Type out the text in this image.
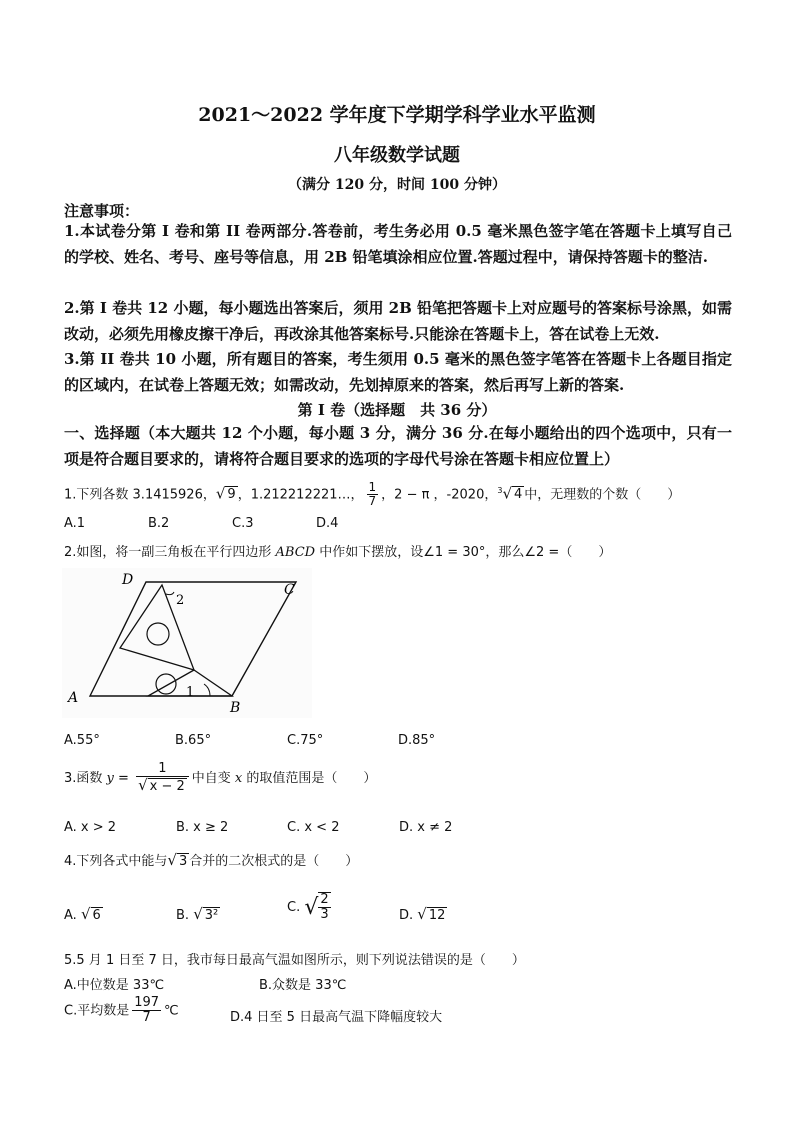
2021～2022 学年度下学期学科学业水平监测
八年级数学试题
（满分 120 分，时间 100 分钟）
注意事项：
1.本试卷分第 I 卷和第 II 卷两部分.答卷前，考生务必用 0.5 毫米黑色签字笔在答题卡上填写自己的学校、姓名、考号、座号等信息，用 2B 铅笔填涂相应位置.答题过程中，请保持答题卡的整洁.
2.第 I 卷共 12 小题，每小题选出答案后，须用 2B 铅笔把答题卡上对应题号的答案标号涂黑，如需改动，必须先用橡皮擦干净后，再改涂其他答案标号.只能涂在答题卡上，答在试卷上无效.
3.第 II 卷共 10 小题，所有题目的答案，考生须用 0.5 毫米的黑色签字笔答在答题卡上各题目指定的区域内，在试卷上答题无效；如需改动，先划掉原来的答案，然后再写上新的答案.
第 I 卷（选择题　共 36 分）
一、选择题（本大题共 12 个小题，每小题 3 分，满分 36 分.在每小题给出的四个选项中，只有一项是符合题目要求的，请将符合题目要求的选项的字母代号涂在答题卡相应位置上）
1.下列各数 3.1415926，√ 9 ，1.212212221…， $\frac{1}{7}$ ，2 − π ，-2020，$^3$√ 4 中，无理数的个数（　　）
A.1	B.2	C.3	D.4
2.如图，将一副三角板在平行四边形 ABCD 中作如下摆放，设∠1 = 30°，那么∠2 =（　　）
A
B
C
D
1
2
A.55°	B.65°	C.75°	D.85°
3.函数 $y = \frac{1}{√ x - 2}$ 中自变 x 的取值范围是（　　）
A. x > 2	B. x ≥ 2	C. x < 2	D. x ≠ 2
4.下列各式中能与√ 3 合并的二次根式的是（　　）
A. √ 6	B. √ 3²
C. √ $\frac{2}{3}$	D. √ 12
5.5 月 1 日至 7 日，我市每日最高气温如图所示，则下列说法错误的是（　　）
A.中位数是 33℃	B.众数是 33℃
C.平均数是 $\frac{197}{7}$ ℃	D.4 日至 5 日最高气温下降幅度较大
